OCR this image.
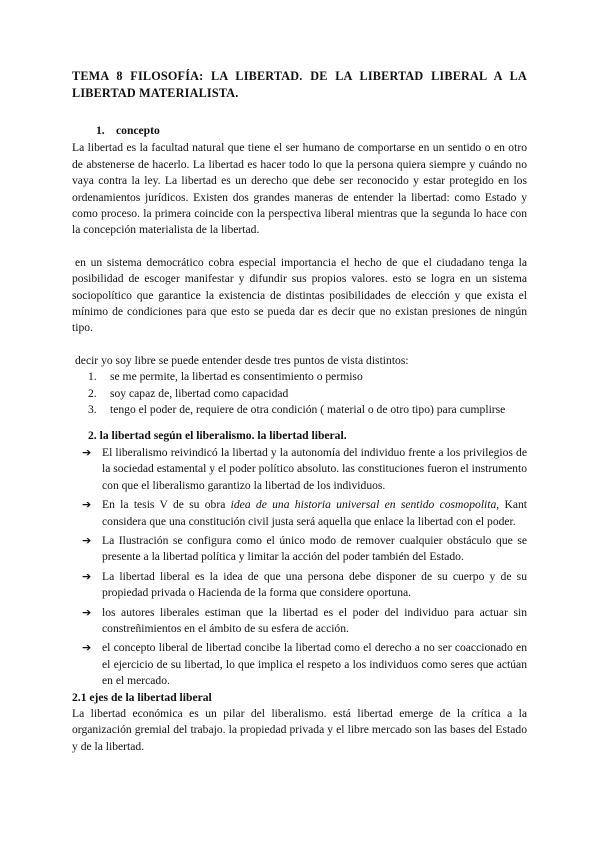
TEMA 8 FILOSOFÍA: LA LIBERTAD. DE LA LIBERTAD LIBERAL A LA
LIBERTAD MATERIALISTA.
1. concepto

La libertad es la facultad natural que tiene el ser humano de comportarse en un sentido o en otro de abstenerse de hacerlo. La libertad es hacer todo lo que la persona quiera siempre y cuándo no vaya contra la ley. La libertad es un derecho que debe ser reconocido y estar protegido en los ordenamientos jurídicos. Existen dos grandes maneras de entender la libertad: como Estado y como proceso. la primera coincide con la perspectiva liberal mientras que la segunda lo hace con la concepción materialista de la libertad.

en un sistema democrático cobra especial importancia el hecho de que el ciudadano tenga la posibilidad de escoger manifestar y difundir sus propios valores. esto se logra en un sistema sociopolítico que garantice la existencia de distintas posibilidades de elección y que exista el mínimo de condiciones para que esto se pueda dar es decir que no existan presiones de ningún tipo.

decir yo soy libre se puede entender desde tres puntos de vista distintos:

1. se me permite, la libertad es consentimiento o permiso
2. soy capaz de, libertad como capacidad
3. tengo el poder de, requiere de otra condición ( material o de otro tipo) para cumplirse
2. la libertad según el liberalismo. la libertad liberal.
➔ El liberalismo reivindicó la libertad y la autonomía del individuo frente a los privilegios de la sociedad estamental y el poder político absoluto. las constituciones fueron el instrumento con que el liberalismo garantizo la libertad de los individuos.
➔ En la tesis V de su obra idea de una historia universal en sentido cosmopolita, Kant considera que una constitución civil justa será aquella que enlace la libertad con el poder.
➔ La Ilustración se configura como el único modo de remover cualquier obstáculo que se presente a la libertad política y limitar la acción del poder también del Estado.
➔ La libertad liberal es la idea de que una persona debe disponer de su cuerpo y de su propiedad privada o Hacienda de la forma que considere oportuna.
➔ los autores liberales estiman que la libertad es el poder del individuo para actuar sin constreñimientos en el ámbito de su esfera de acción.
➔ el concepto liberal de libertad concibe la libertad como el derecho a no ser coaccionado en el ejercicio de su libertad, lo que implica el respeto a los individuos como seres que actúan en el mercado.
2.1 ejes de la libertad liberal

La libertad económica es un pilar del liberalismo. está libertad emerge de la crítica a la organización gremial del trabajo. la propiedad privada y el libre mercado son las bases del Estado y de la libertad.
